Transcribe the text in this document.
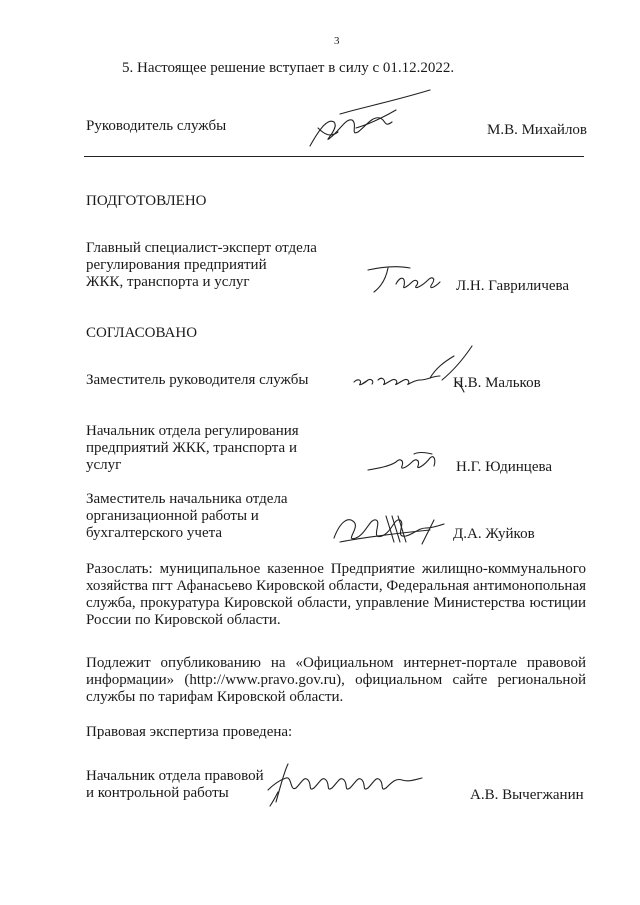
3
5. Настоящее решение вступает в силу с 01.12.2022.
Руководитель службы	М.В. Михайлов
ПОДГОТОВЛЕНО
Главный специалист-эксперт отдела
регулирования предприятий
ЖКК, транспорта и услуг	Л.Н. Гавриличева
СОГЛАСОВАНО
Заместитель руководителя службы	Н.В. Мальков
Начальник отдела регулирования
предприятий ЖКК, транспорта и
услуг	Н.Г. Юдинцева
Заместитель начальника отдела
организационной работы и
бухгалтерского учета	Д.А. Жуйков
Разослать: муниципальное казенное Предприятие жилищно-коммунального хозяйства пгт Афанасьево Кировской области, Федеральная антимонопольная служба, прокуратура Кировской области, управление Министерства юстиции России по Кировской области.
Подлежит опубликованию на «Официальном интернет-портале правовой информации» (http://www.pravo.gov.ru), официальном сайте региональной службы по тарифам Кировской области.
Правовая экспертиза проведена:
Начальник отдела правовой
и контрольной работы	А.В. Вычегжанин
